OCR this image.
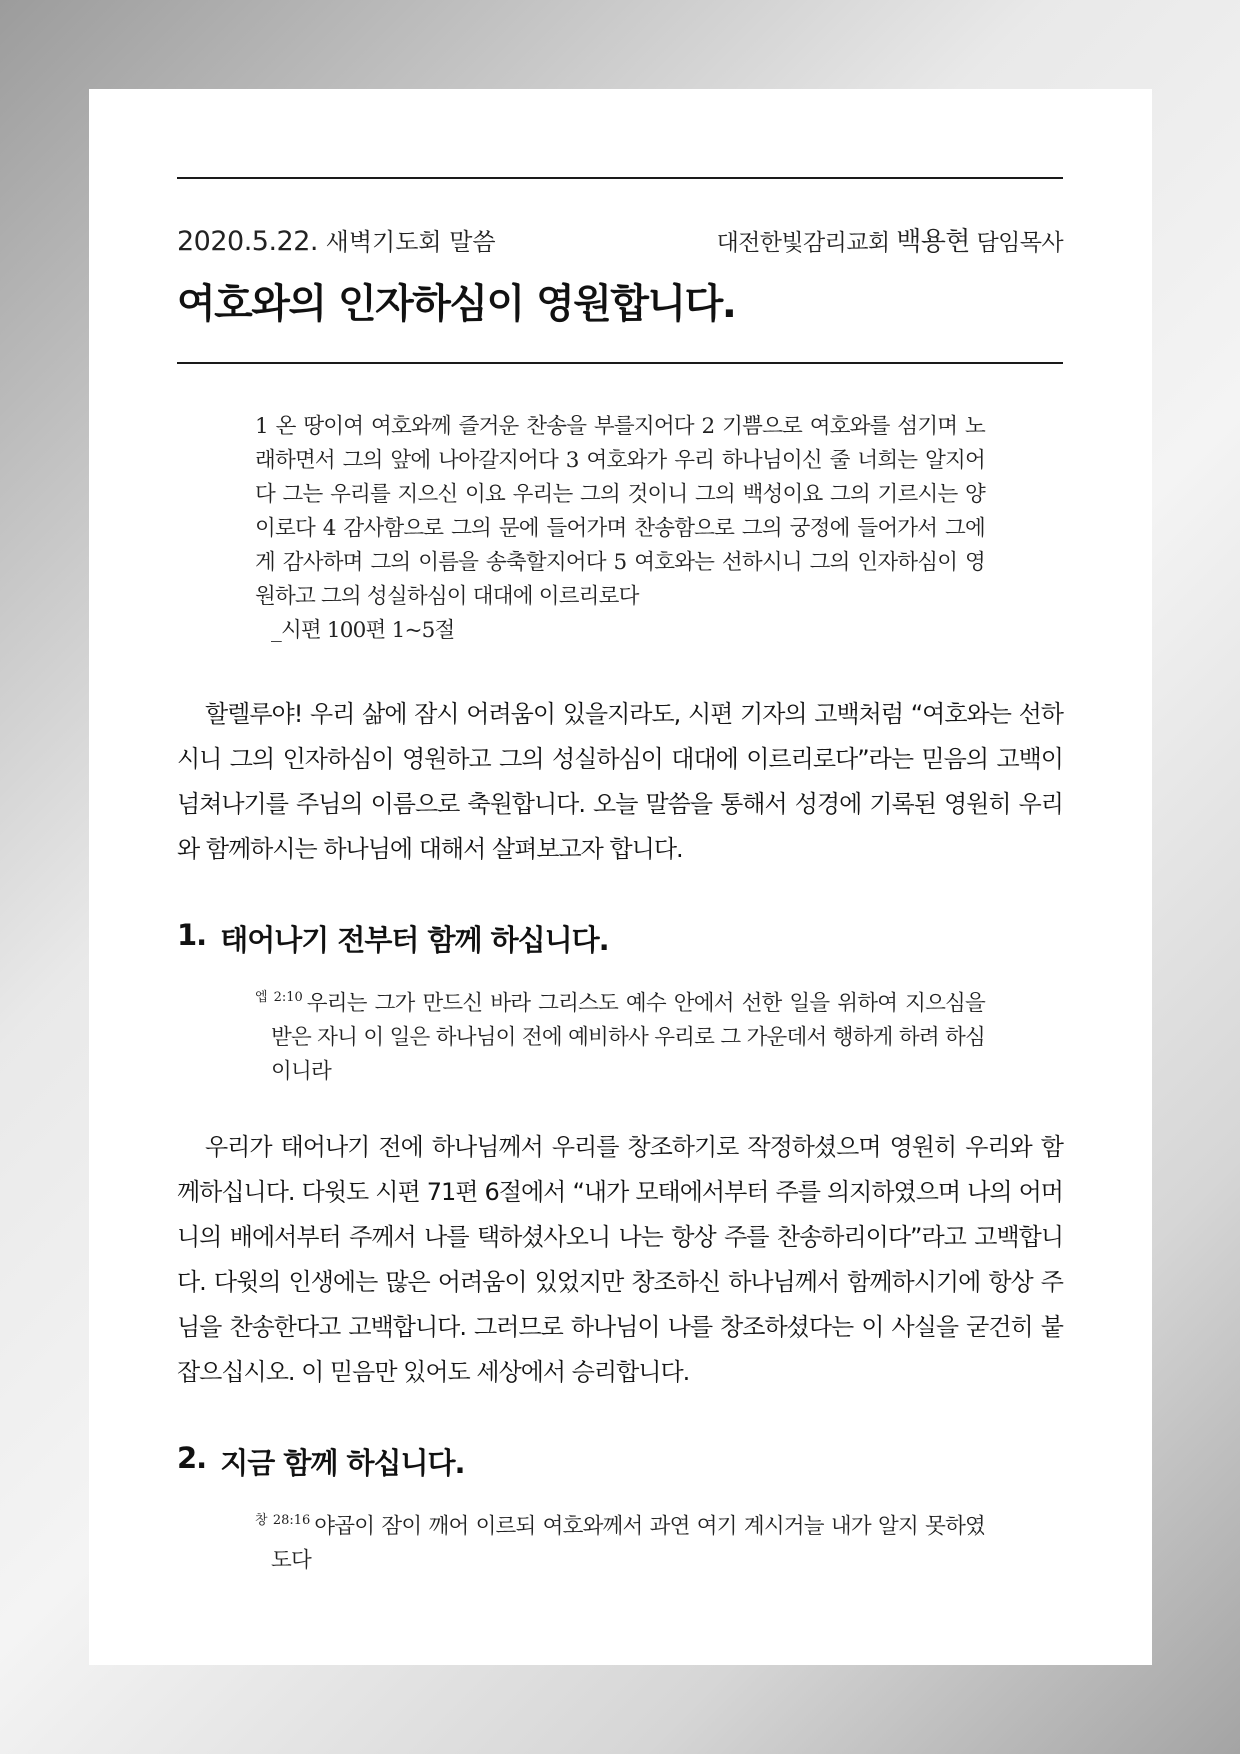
2020.5.22. 새벽기도회 말씀	대전한빛감리교회 백용현 담임목사
여호와의 인자하심이 영원합니다.
1 온 땅이여 여호와께 즐거운 찬송을 부를지어다 2 기쁨으로 여호와를 섬기며 노래하면서 그의 앞에 나아갈지어다 3 여호와가 우리 하나님이신 줄 너희는 알지어다 그는 우리를 지으신 이요 우리는 그의 것이니 그의 백성이요 그의 기르시는 양이로다 4 감사함으로 그의 문에 들어가며 찬송함으로 그의 궁정에 들어가서 그에게 감사하며 그의 이름을 송축할지어다 5 여호와는 선하시니 그의 인자하심이 영원하고 그의 성실하심이 대대에 이르리로다
_시편 100편 1~5절

할렐루야! 우리 삶에 잠시 어려움이 있을지라도, 시편 기자의 고백처럼 “여호와는 선하시니 그의 인자하심이 영원하고 그의 성실하심이 대대에 이르리로다”라는 믿음의 고백이 넘쳐나기를 주님의 이름으로 축원합니다. 오늘 말씀을 통해서 성경에 기록된 영원히 우리와 함께하시는 하나님에 대해서 살펴보고자 합니다.

1. 태어나기 전부터 함께 하십니다.
$^{엡 2:10}$ 우리는 그가 만드신 바라 그리스도 예수 안에서 선한 일을 위하여 지으심을 받은 자니 이 일은 하나님이 전에 예비하사 우리로 그 가운데서 행하게 하려 하심이니라

우리가 태어나기 전에 하나님께서 우리를 창조하기로 작정하셨으며 영원히 우리와 함께하십니다. 다윗도 시편 71편 6절에서 “내가 모태에서부터 주를 의지하였으며 나의 어머니의 배에서부터 주께서 나를 택하셨사오니 나는 항상 주를 찬송하리이다”라고 고백합니다. 다윗의 인생에는 많은 어려움이 있었지만 창조하신 하나님께서 함께하시기에 항상 주님을 찬송한다고 고백합니다. 그러므로 하나님이 나를 창조하셨다는 이 사실을 굳건히 붙잡으십시오. 이 믿음만 있어도 세상에서 승리합니다.

2. 지금 함께 하십니다.
$^{창 28:16}$ 야곱이 잠이 깨어 이르되 여호와께서 과연 여기 계시거늘 내가 알지 못하였도다
